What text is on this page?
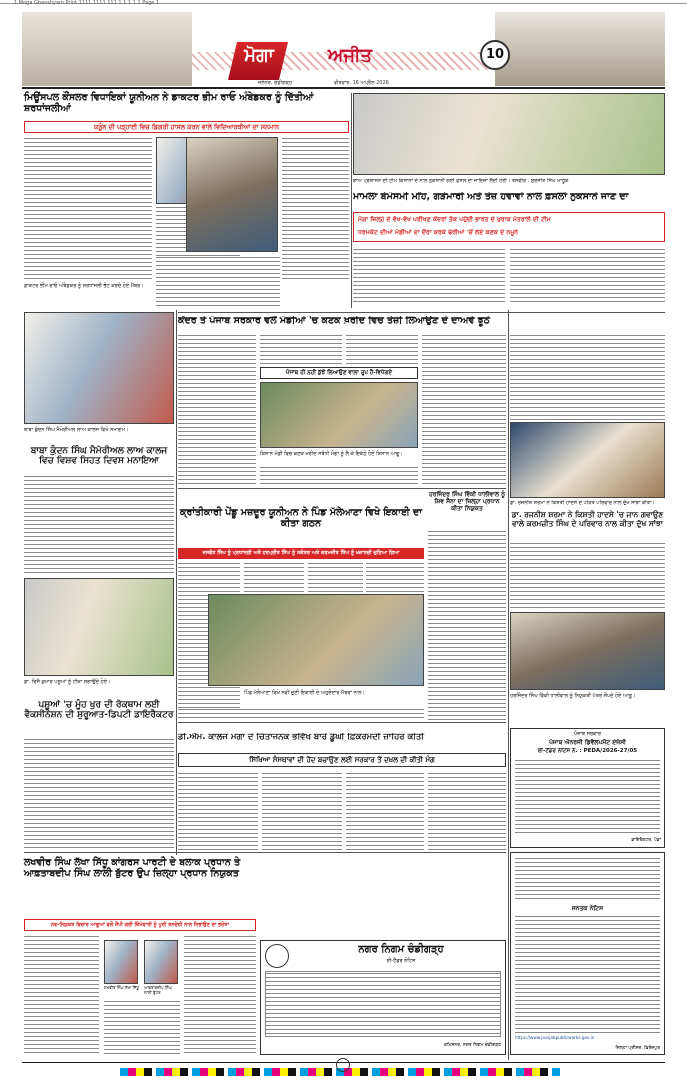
1 Moga Ghanshyam Print 1111 1111 111 1 1 1 1 1 Page 1
ਮੋਗਾ	ਅਜੀਤ
ਜਲੰਧਰ, ਚੰਡੀਗੜ੍ਹ	ਵੀਰਵਾਰ, 16 ਅਪ੍ਰੈਲ 2026
10
ਮਿਊਂਸਪਲ ਕੌਂਸਲਰ ਵਿਧਾਇਕਾਂ ਯੂਨੀਅਨ ਨੇ ਡਾਕਟਰ ਭੀਮ ਰਾਓ ਅੰਬੇਡਕਰ ਨੂੰ ਦਿੱਤੀਆਂ ਸ਼ਰਧਾਂਜਲੀਆਂ
ਕਨੂੰਨ ਦੀ ਪੜ੍ਹਾਈ ਵਿਚ ਡਿਗਰੀ ਹਾਸਲ ਕਰਨ ਵਾਲੇ ਵਿਦਿਆਰਥੀਆਂ ਦਾ ਸਨਮਾਨ
ਡਾਕਟਰ ਭੀਮ ਰਾਓ ਅੰਬੇਡਕਰ ਨੂੰ ਸ਼ਰਧਾਂਜਲੀ ਭੇਟ ਕਰਦੇ ਹੋਏ ਮੈਂਬਰ।
ਝਾਂਅ ਪ੍ਰਸ਼ਾਸਨ ਦੀ ਟੀਮ ਕਿਸਾਨਾਂ ਦੇ ਨਾਲ ਨੁਕਸਾਨੀ ਗਈ ਫ਼ਸਲ ਦਾ ਜਾਇਜ਼ਾ ਲੈਂਦੀ ਹੋਈ। ਤਸਵੀਰ : ਸੁਰਜੀਤ ਸਿੰਘ ਮਾਹੂੰਕੇ
ਮਾਮਲਾ ਬੇਮੌਸਮੀ ਮੀਂਹ, ਗੜੇਮਾਰੀ ਅਤੇ ਤੇਜ਼ ਹਵਾਵਾਂ ਨਾਲ ਫ਼ਸਲਾਂ ਨੁਕਸਾਨੇ ਜਾਣ ਦਾ
ਮੋਗਾ ਜ਼ਿਲ੍ਹੇ ਦੇ ਵੱਖ-ਵੱਖ ਪਰੀਖਣ ਕੇਂਦਰਾਂ ਤੱਕ ਪਹੁੰਚੀ ਭਾਰਤ ਦੇ ਖੁਰਾਕ ਮੰਤਰਾਲੇ ਦੀ ਟੀਮ
ਧਰਮਕੋਟ ਦੀਆਂ ਮੰਡੀਆਂ ਦਾ ਦੌਰਾ ਕਰਕੇ ਢੇਰੀਆਂ 'ਚੋਂ ਲਏ ਕਣਕ ਦੇ ਨਮੂਨੇ
ਕੇਂਦਰ ਤੇ ਪੰਜਾਬ ਸਰਕਾਰ ਵਲੋਂ ਮੰਡੀਆਂ 'ਚ ਕਣਕ ਖ਼ਰੀਦ ਵਿਚ ਤੇਜ਼ੀ ਲਿਆਉਣ ਦੇ ਦਾਅਵੇ ਝੂਠੇ
ਪੰਜਾਬ ਹੀ ਨਹੀਂ ਕੁੱਝੋਂ ਲਿਆਉਣ ਵਾਲਾ ਰੂਪ ਹੈ-ਵਿਧੇਗਏ
ਕਿਸਾਨ ਮੰਡੀ ਵਿਚ ਕਣਕ ਖ਼ਰੀਦ ਸਬੰਧੀ ਮੰਗਾਂ ਨੂੰ ਲੈ ਕੇ ਇਕੱਠੇ ਹੋਏ ਕਿਸਾਨ ਆਗੂ।
ਬਾਬਾ ਕੁੰਦਨ ਸਿੰਘ ਮੈਮੋਰੀਅਲ ਲਾਅ ਕਾਲਜ ਵਿਖੇ ਸਮਾਗਮ।
ਬਾਬਾ ਕੁੰਦਨ ਸਿੰਘ ਮੈਮੋਰੀਅਲ ਲਾਅ ਕਾਲਜ ਵਿਚ ਵਿਸ਼ਵ ਸਿਹਤ ਦਿਵਸ ਮਨਾਇਆ
ਡਾ. ਰਜਨੀਸ਼ ਸ਼ਰਮਾ ਨੇ ਕਿਸ਼ਤੀ ਹਾਦਸੇ ਦੇ ਪੀੜਤ ਪਰਿਵਾਰ ਨਾਲ ਦੁੱਖ ਸਾਂਝਾ ਕੀਤਾ।
ਡਾ. ਰਜਨੀਸ਼ ਸ਼ਰਮਾ ਨੇ ਕਿਸ਼ਤੀ ਹਾਦਸੇ 'ਚ ਜਾਨ ਗਵਾਉਣ ਵਾਲੇ ਕਰਮਜ਼ੀਤ ਸਿੰਘ ਦੇ ਪਰਿਵਾਰ ਨਾਲ ਕੀਤਾ ਦੁੱਖ ਸਾਂਝਾ
ਕ੍ਰਾਂਤੀਕਾਰੀ ਪੇਂਡੂ ਮਜ਼ਦੂਰ ਯੂਨੀਅਨ ਨੇ ਪਿੰਡ ਮੱਲੇਆਣਾ ਵਿਖੇ ਇਕਾਈ ਦਾ ਕੀਤਾ ਗਠਨ
ਜਸਵੰਤ ਸਿੰਘ ਨੂੰ ਪ੍ਰਧਾਨਗੀ ਅਤੇ ਹਰਪ੍ਰੀਤ ਸਿੰਘ ਨੂੰ ਸਕੱਤਰ ਅਤੇ ਕਰਮਜੀਤ ਸਿੰਘ ਨੂੰ ਖ਼ਜ਼ਾਨਚੀ ਚੁਣਿਆ ਗਿਆ
ਪਿੰਡ ਮੱਲੇਆਣਾ ਵਿਖੇ ਨਵੀਂ ਚੁਣੀ ਇਕਾਈ ਦੇ ਅਹੁਦੇਦਾਰ ਮੈਂਬਰਾਂ ਨਾਲ।
ਹਰਜਿੰਦਰ ਸਿੰਘ ਵਿੱਕੀ ਧਾਲੀਵਾਲ ਨੂੰ ਸ਼ਿਵ ਸੈਨਾ ਦਾ ਜ਼ਿਲ੍ਹਾ ਪ੍ਰਧਾਨ ਕੀਤਾ ਨਿਯੁਕਤ
ਹਰਜਿੰਦਰ ਸਿੰਘ ਵਿੱਕੀ ਧਾਲੀਵਾਲ ਨੂੰ ਨਿਯੁਕਤੀ ਪੱਤਰ ਸੌਂਪਦੇ ਹੋਏ ਆਗੂ।
ਡਾ. ਵਿਜੈ ਕੁਮਾਰ ਪਸ਼ੂਆਂ ਨੂੰ ਟੀਕਾ ਲਗਾਉਂਦੇ ਹੋਏ।
ਪਸ਼ੂਆਂ 'ਚ ਮੂੰਹ ਖੁਰ ਦੀ ਰੋਕਥਾਮ ਲਈ ਵੈਕਸੀਨੇਸ਼ਨ ਦੀ ਸ਼ੁਰੂਆਤ-ਡਿਪਟੀ ਡਾਇਰੈਕਟਰ
ਡੀ.ਐਮ. ਕਾਲਜ ਮੋਗਾ ਦੇ ਚਿੰਤਾਜਨਕ ਭਵਿੱਖ ਬਾਰੇ ਡੂੰਘੀ ਫ਼ਿਕਰਮੰਦੀ ਜ਼ਾਹਿਰ ਕੀਤੀ
ਸਿੱਖਿਆ ਸੰਸਥਾਵਾਂ ਦੀ ਹੋਂਦ ਬਚਾਉਣ ਲਈ ਸਰਕਾਰ ਤੋਂ ਦਖ਼ਲ ਦੀ ਕੀਤੀ ਮੰਗ
ਲਖਵੀਰ ਸਿੰਘ ਲੱਖਾ ਸਿੱਧੂ ਕਾਂਗਰਸ ਪਾਰਟੀ ਦੇ ਬਲਾਕ ਪ੍ਰਧਾਨ ਤੇ ਆਫ਼ਤਾਬਦੀਪ ਸਿੰਘ ਲਾਲੀ ਬੁੱਟਰ ਉਪ ਜ਼ਿਲ੍ਹਾ ਪ੍ਰਧਾਨ ਨਿਯੁਕਤ
ਨਵ-ਨਿਯੁਕਤ ਵਿਚਾਰ ਆਗੂਆਂ ਵਲੋਂ ਸੌਂਪੀ ਗਈ ਜ਼ਿੰਮੇਵਾਰੀ ਨੂੰ ਪੂਰੀ ਤਨਦੇਹੀ ਨਾਲ ਨਿਭਾਉਣ ਦਾ ਭਰੋਸਾ
ਲਖਵੀਰ ਸਿੰਘ ਲੱਖਾ ਸਿੱਧੂ ਆਫ਼ਤਾਬਦੀਪ ਸਿੰਘ ਲਾਲੀ ਬੁੱਟਰ
ਨਗਰ ਨਿਗਮ ਚੰਡੀਗੜ੍ਹ
ਈ-ਟੈਂਡਰ ਨੋਟਿਸ
ਕਮਿਸ਼ਨਰ, ਨਗਰ ਨਿਗਮ ਚੰਡੀਗੜ੍ਹ
ਪੰਜਾਬ ਸਰਕਾਰ
ਪੰਜਾਬ ਐਨਰਜੀ ਡਿਵੈਲਪਮੈਂਟ ਏਜੰਸੀ
ਈ-ਟੈਂਡਰ ਨੋਟਿਸ ਨੰ. : PEDA/2026-27/05
ਡਾਇਰੈਕਟਰ, ਪੇਡਾ
ਜਨਤਕ ਨੋਟਿਸ
https://www.punjabpublicworks.gov.in
ਜ਼ਿਲ੍ਹਾ ਪ੍ਰੀਸ਼ਦ, ਫ਼ਿਰੋਜ਼ਪੁਰ
